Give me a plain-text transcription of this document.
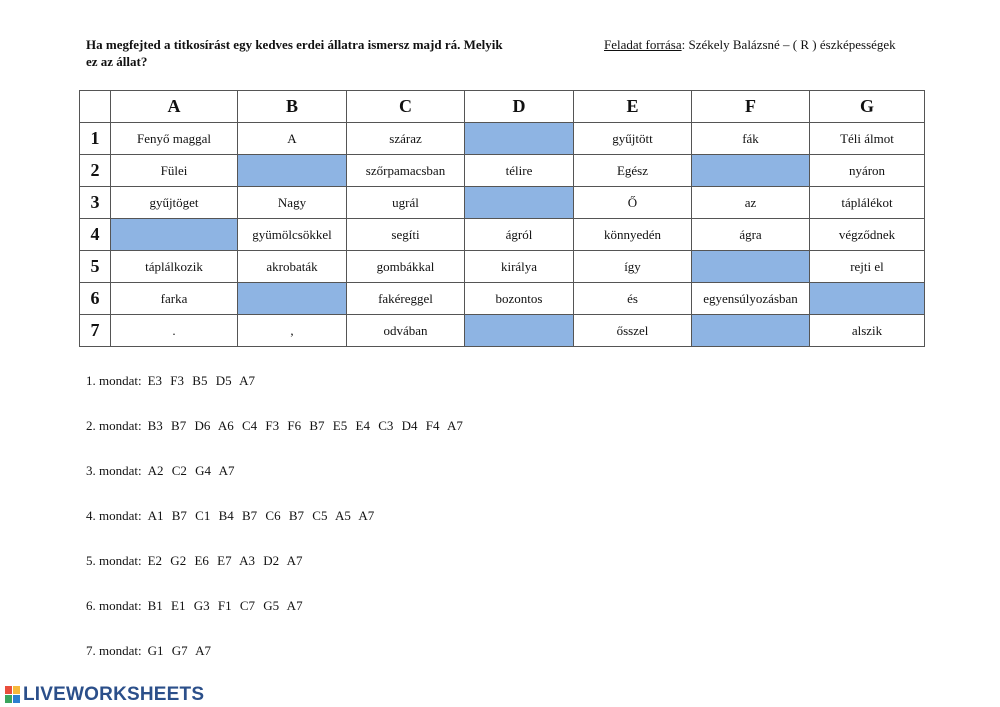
Ha megfejted a titkosírást egy kedves erdei állatra ismersz majd rá. Melyik ez az állat?
Feladat forrása: Székely Balázsné – ( R ) észképességek
	A	B	C	D	E	F	G
1	Fenyő maggal	A	száraz		gyűjtött	fák	Téli álmot
2	Fülei		szőrpamacsban	télire	Egész		nyáron
3	gyűjtöget	Nagy	ugrál		Ő	az	táplálékot
4		gyümölcsökkel	segíti	ágról	könnyedén	ágra	végződnek
5	táplálkozik	akrobaták	gombákkal	királya	így		rejti el
6	farka		fakéreggel	bozontos	és	egyensúlyozásban	
7	.	,	odvában		ősszel		alszik
1. mondat: E3 F3 B5 D5 A7
2. mondat: B3 B7 D6 A6 C4 F3 F6 B7 E5 E4 C3 D4 F4 A7
3. mondat: A2 C2 G4 A7
4. mondat: A1 B7 C1 B4 B7 C6 B7 C5 A5 A7
5. mondat: E2 G2 E6 E7 A3 D2 A7
6. mondat: B1 E1 G3 F1 C7 G5 A7
7. mondat: G1 G7 A7
LIVEWORKSHEETS
